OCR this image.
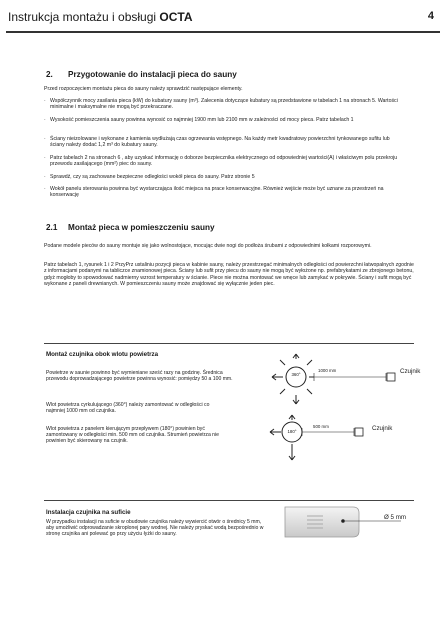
Instrukcja montażu i obsługi OCTA	4
2. Przygotowanie do instalacji pieca do sauny
Przed rozpoczęciem montażu pieca do sauny należy sprawdzić następujące elementy.
· Współczynnik mocy zasilania pieca (kW) do kubatury sauny (m³). Zalecenia dotyczące kubatury są przedstawione w tabelach 1 na stronach 5. Wartości minimalne i maksymalne nie mogą być przekraczane.
· Wysokość pomieszczenia sauny powinna wynosić co najmniej 1900 mm lub 2100 mm w zależności od mocy pieca. Patrz tabelach 1
· Ściany nieizolowane i wykonane z kamienia wydłużają czas ogrzewania wstępnego. Na każdy metr kwadratowy powierzchni tynkowanego sufitu lub ściany należy dodać 1,2 m³ do kubatury sauny.
· Patrz tabelach 2 na stronach 6 , aby uzyskać informację o doborze bezpiecznika elektrycznego od odpowiedniej wartości(A) i właściwym polu przekroju przewodu zasilającego (mm²) piec do sauny.
· Sprawdź, czy są zachowane bezpieczne odległości wokół pieca do sauny. Patrz stronie 5
· Wokół panelu sterowania powinna być wystarczająca ilość miejsca na prace konserwacyjne. Również wejście może być uznane za przestrzeń na konserwację
2.1 Montaż pieca w pomieszczeniu sauny
Podane modele pieców do sauny montuje się jako wolnostojące, mocując dwie nogi do podłoża śrubami z odpowiednimi kołkami rozporowymi.
Patrz tabelach 1, rysunek 1 i 2 PrzyPrz ustaliniu pozycji pieca w kabinie sauny, należy przestrzegać minimalnych odległości od powierzchni łatwopalnych zgodnie z informacjami podanymi na tabliczce znamionowej pieca. Ściany lub sufit przy piecu do sauny nie mogą być wyłożone np. prefabrykatami ze zbrojonego betonu, gdyż mogłoby to spowodować nadmierny wzrost temperatury w ścianie. Piece nie można montować we wnęce lub zamykać w pokrywie. Ściany i sufit mogą być wykonane z paneli drewnianych. W pomieszczeniu sauny może znajdować się wyłącznie jeden piec.
Montaż czujnika obok wlotu powietrza
Powietrze w saunie powinno być wymieniane sześć razy na godzinę. Średnica przewodu doprowadzającego powietrze powinna wynosić: pomiędzy 50 a 100 mm.
Wlot powietrza cyrkulującego (360°) należy zamontować w odległości co najmniej 1000 mm od czujnika.
Wlot powietrza z panelem kierującym przepływem (180°) powinien być zamontowany w odległości min. 500 mm od czujnika. Strumień powietrza nie powinien być skierowany na czujnik.
360°
1000 mm	Czujnik
180°
500 mm	Czujnik
Instalacja czujnika na suficie
W przypadku instalacji na suficie w obudowie czujnika należy wywiercić otwór o średnicy 5 mm, aby umożliwić odprowadzanie skroplonej pary wodnej. Nie należy pryskać wodą bezpośrednio w stronę czujnika ani polewać go przy użyciu łyżki do sauny.
Ø 5 mm
